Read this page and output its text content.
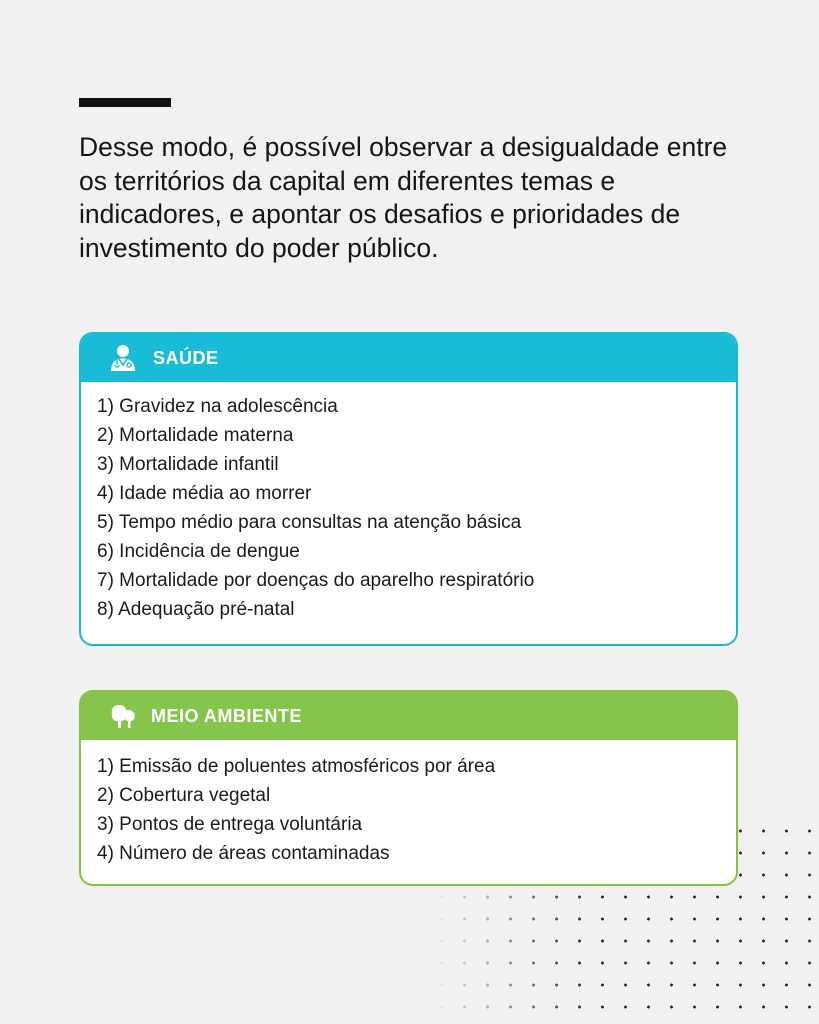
Desse modo, é possível observar a desigualdade entre os territórios da capital em diferentes temas e indicadores, e apontar os desafios e prioridades de investimento do poder público.

SAÚDE
1) Gravidez na adolescência
2) Mortalidade materna
3) Mortalidade infantil
4) Idade média ao morrer
5) Tempo médio para consultas na atenção básica
6) Incidência de dengue
7) Mortalidade por doenças do aparelho respiratório
8) Adequação pré-natal
MEIO AMBIENTE
1) Emissão de poluentes atmosféricos por área
2) Cobertura vegetal
3) Pontos de entrega voluntária
4) Número de áreas contaminadas
